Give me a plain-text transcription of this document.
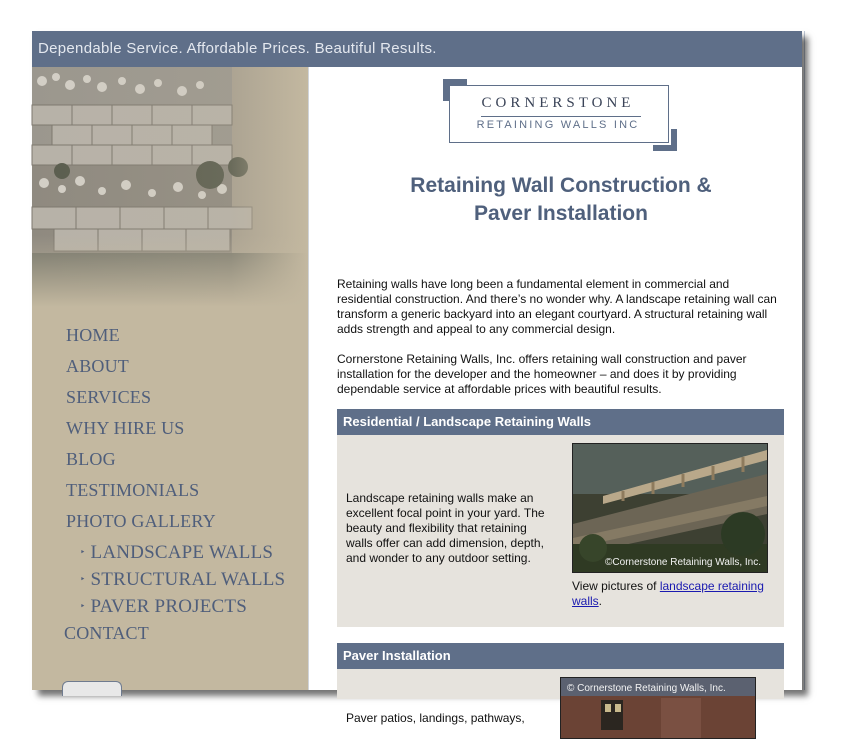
Dependable Service. Affordable Prices. Beautiful Results.
HOME
ABOUT
SERVICES
WHY HIRE US
BLOG
TESTIMONIALS
PHOTO GALLERY
‣ LANDSCAPE WALLS
‣ STRUCTURAL WALLS
‣ PAVER PROJECTS
CONTACT
CORNERSTONE
RETAINING WALLS INC
Retaining Wall Construction &
Paver Installation

Retaining walls have long been a fundamental element in commercial and residential construction. And there’s no wonder why. A landscape retaining wall can transform a generic backyard into an elegant courtyard. A structural retaining wall adds strength and appeal to any commercial design.

Cornerstone Retaining Walls, Inc. offers retaining wall construction and paver installation for the developer and the homeowner – and does it by providing dependable service at affordable prices with beautiful results.

Residential / Landscape Retaining Walls

Landscape retaining walls make an excellent focal point in your yard. The beauty and flexibility that retaining walls offer can add dimension, depth, and wonder to any outdoor setting.	©Cornerstone Retaining Walls, Inc.
View pictures of landscape retaining walls.
Paver Installation

Paver patios, landings, pathways,

© Cornerstone Retaining Walls, Inc.
